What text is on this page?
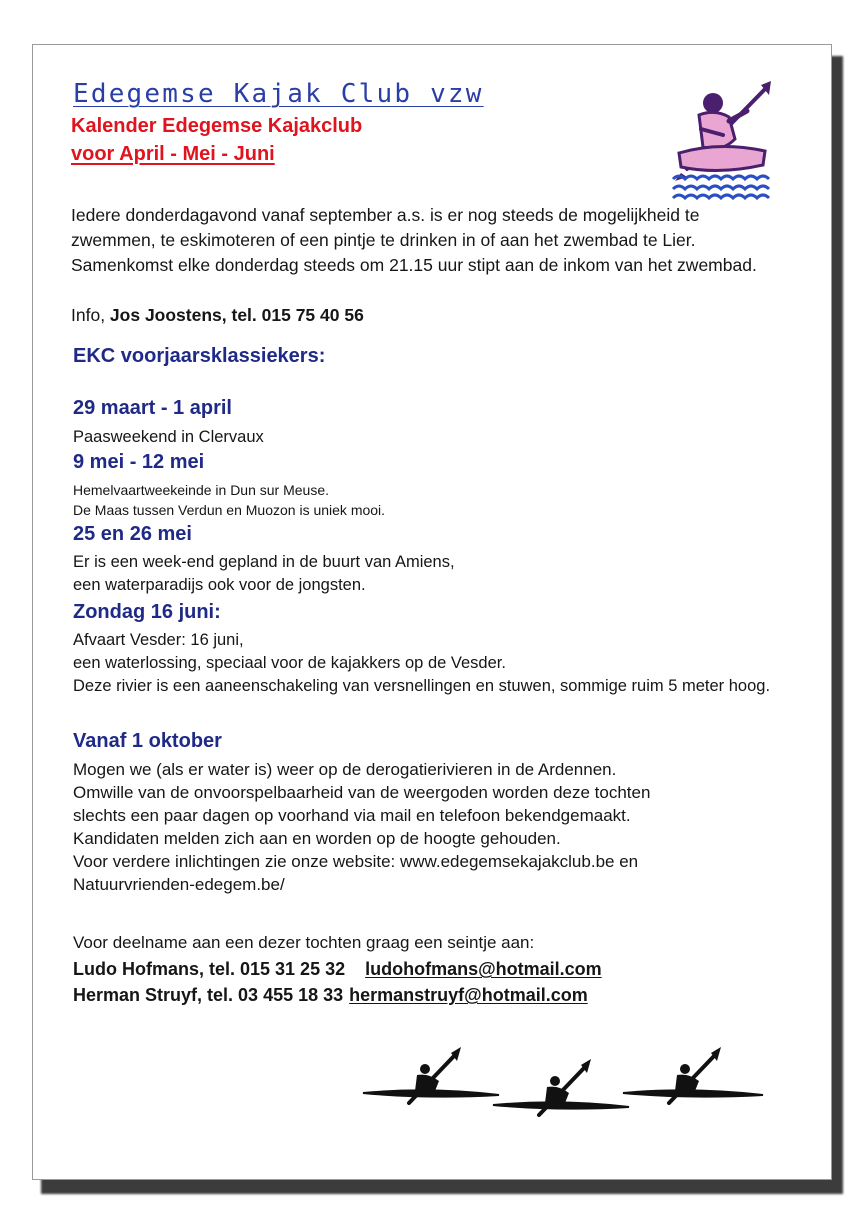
Edegemse Kajak Club vzw
Kalender Edegemse Kajakclub
voor April - Mei - Juni
Iedere donderdagavond vanaf september a.s. is er nog steeds de mogelijkheid te zwemmen, te eskimoteren of een pintje te drinken in of aan het zwembad te Lier. Samenkomst elke donderdag steeds om 21.15 uur stipt aan de inkom van het zwembad.
Info, Jos Joostens, tel. 015 75 40 56
EKC voorjaarsklassiekers:
29 maart - 1 april
Paasweekend in Clervaux
9 mei - 12 mei
Hemelvaartweekeinde in Dun sur Meuse.
De Maas tussen Verdun en Muozon is uniek mooi.
25 en 26 mei
Er is een week-end gepland in de buurt van Amiens,
een waterparadijs ook voor de jongsten.
Zondag 16 juni:
Afvaart Vesder: 16 juni,
een waterlossing, speciaal voor de kajakkers op de Vesder.
Deze rivier is een aaneenschakeling van versnellingen en stuwen, sommige ruim 5 meter hoog.
Vanaf 1 oktober
Mogen we (als er water is) weer op de derogatierivieren in de Ardennen.
Omwille van de onvoorspelbaarheid van de weergoden worden deze tochten
slechts een paar dagen op voorhand via mail en telefoon bekendgemaakt.
Kandidaten melden zich aan en worden op de hoogte gehouden.
Voor verdere inlichtingen zie onze website: www.edegemsekajakclub.be en
Natuurvrienden-edegem.be/
Voor deelname aan een dezer tochten graag een seintje aan:
Ludo Hofmans, tel. 015 31 25 32 ludohofmans@hotmail.com
Herman Struyf, tel. 03 455 18 33 hermanstruyf@hotmail.com
